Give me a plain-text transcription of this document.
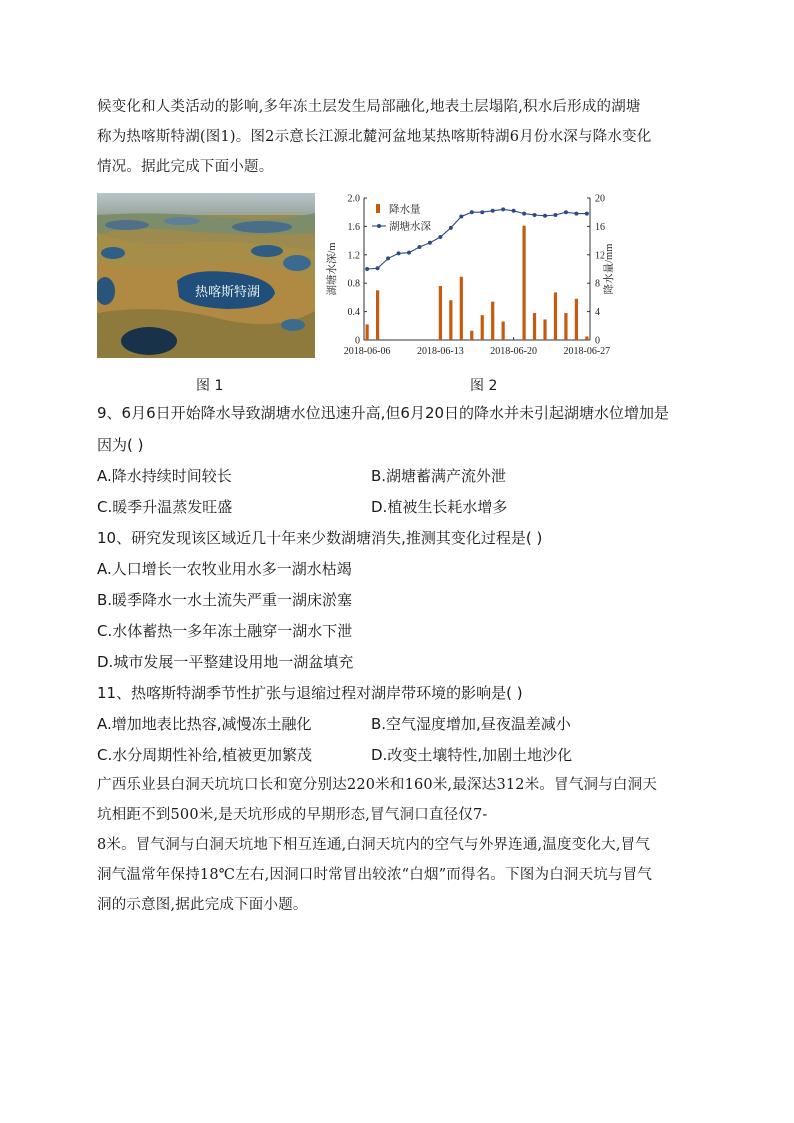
候变化和人类活动的影响,多年冻土层发生局部融化,地表土层塌陷,积水后形成的湖塘
称为热喀斯特湖(图1)。图2示意长江源北麓河盆地某热喀斯特湖6月份水深与降水变化
情况。据此完成下面小题。
热喀斯特湖
0
0.4
0.8
1.2
1.6
2.0
0
4
8
12
16
20
2018-06-06	2018-06-13	2018-06-20	2018-06-27
湖塘水深/m	降水量/mm
降水量
湖塘水深
图 1	图 2
9、6月6日开始降水导致湖塘水位迅速升高,但6月20日的降水并未引起湖塘水位增加是
因为( )
A.降水持续时间较长	B.湖塘蓄满产流外泄
C.暖季升温蒸发旺盛	D.植被生长耗水增多
10、研究发现该区域近几十年来少数湖塘消失,推测其变化过程是( )
A.人口增长一农牧业用水多一湖水枯竭
B.暖季降水一水土流失严重一湖床淤塞
C.水体蓄热一多年冻土融穿一湖水下泄
D.城市发展一平整建设用地一湖盆填充
11、热喀斯特湖季节性扩张与退缩过程对湖岸带环境的影响是( )
A.增加地表比热容,减慢冻土融化	B.空气湿度增加,昼夜温差减小
C.水分周期性补给,植被更加繁茂	D.改变土壤特性,加剧土地沙化
广西乐业县白洞天坑坑口长和宽分别达220米和160米,最深达312米。冒气洞与白洞天
坑相距不到500米,是天坑形成的早期形态,冒气洞口直径仅7-
8米。冒气洞与白洞天坑地下相互连通,白洞天坑内的空气与外界连通,温度变化大,冒气
洞气温常年保持18℃左右,因洞口时常冒出较浓“白烟”而得名。下图为白洞天坑与冒气
洞的示意图,据此完成下面小题。
